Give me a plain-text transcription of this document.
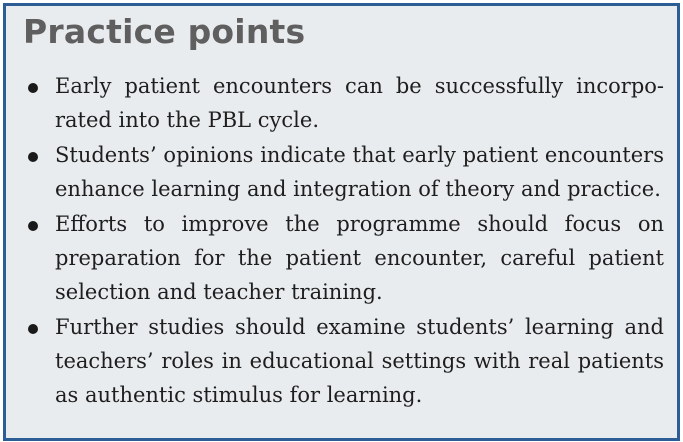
Practice points
Early patient encounters can be successfully incorpo-rated into the PBL cycle.
Students’ opinions indicate that early patient encounters enhance learning and integration of theory and practice.
Efforts to improve the programme should focus on preparation for the patient encounter, careful patient selection and teacher training.
Further studies should examine students’ learning and teachers’ roles in educational settings with real patients as authentic stimulus for learning.
